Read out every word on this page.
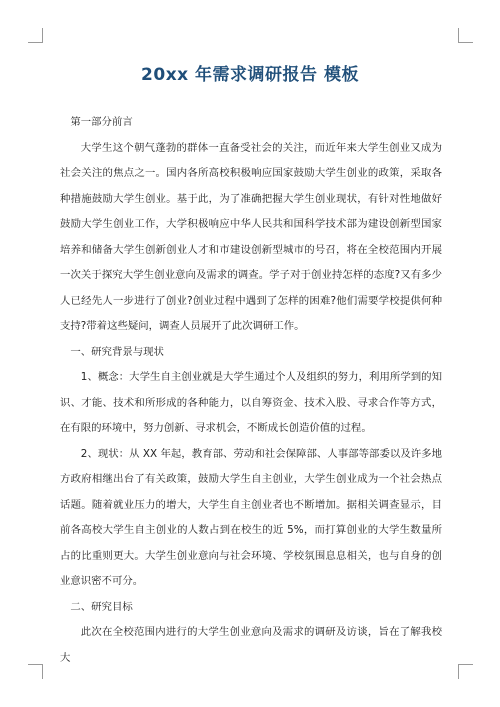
20xx 年需求调研报告 模板

第一部分前言

大学生这个朝气蓬勃的群体一直备受社会的关注，而近年来大学生创业又成为社会关注的焦点之一。国内各所高校积极响应国家鼓励大学生创业的政策，采取各种措施鼓励大学生创业。基于此，为了准确把握大学生创业现状，有针对性地做好鼓励大学生创业工作，大学积极响应中华人民共和国科学技术部为建设创新型国家培养和储备大学生创新创业人才和市建设创新型城市的号召，将在全校范围内开展一次关于探究大学生创业意向及需求的调查。学子对于创业持怎样的态度?又有多少人已经先人一步进行了创业?创业过程中遇到了怎样的困难?他们需要学校提供何种支持?带着这些疑问，调查人员展开了此次调研工作。

一、研究背景与现状

1、概念：大学生自主创业就是大学生通过个人及组织的努力，利用所学到的知识、才能、技术和所形成的各种能力，以自筹资金、技术入股、寻求合作等方式，在有限的环境中，努力创新、寻求机会，不断成长创造价值的过程。

2、现状：从 XX 年起，教育部、劳动和社会保障部、人事部等部委以及许多地方政府相继出台了有关政策，鼓励大学生自主创业，大学生创业成为一个社会热点话题。随着就业压力的增大，大学生自主创业者也不断增加。据相关调查显示，目前各高校大学生自主创业的人数占到在校生的近 5%，而打算创业的大学生数量所占的比重则更大。大学生创业意向与社会环境、学校氛围息息相关，也与自身的创业意识密不可分。

二、研究目标

此次在全校范围内进行的大学生创业意向及需求的调研及访谈，旨在了解我校大
